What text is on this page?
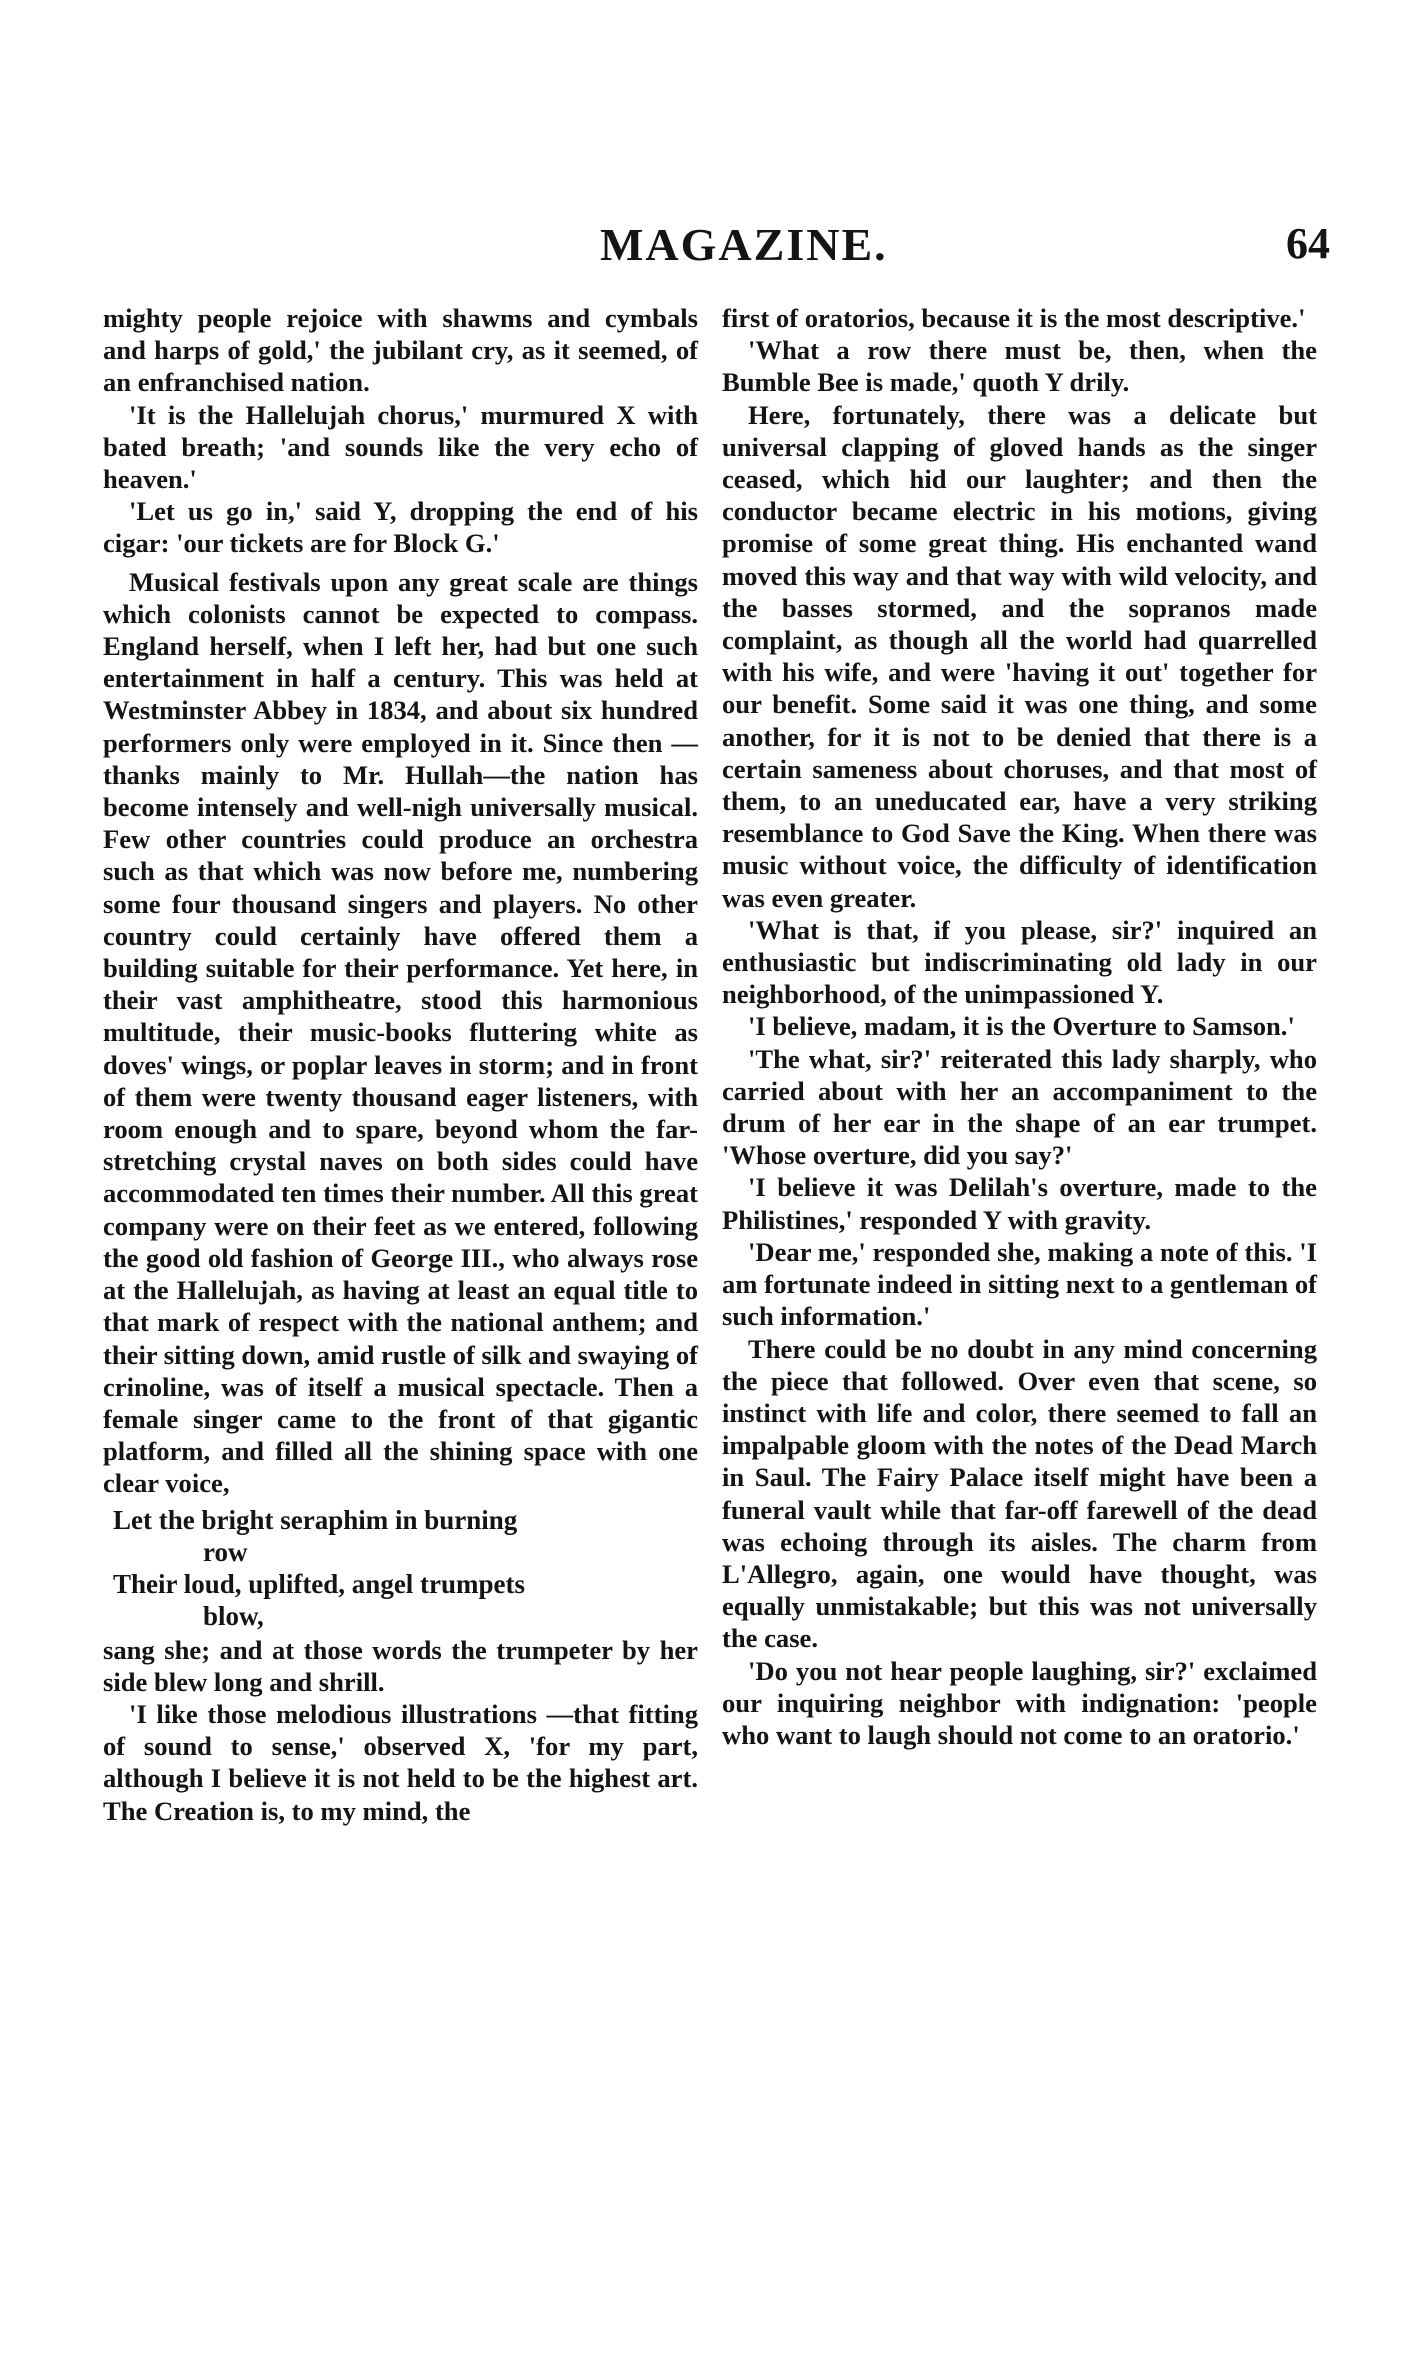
MAGAZINE.	64

mighty people rejoice with shawms and cymbals and harps of gold,' the jubilant cry, as it seemed, of an enfranchised nation.

'It is the Hallelujah chorus,' murmured X with bated breath; 'and sounds like the very echo of heaven.'

'Let us go in,' said Y, dropping the end of his cigar: 'our tickets are for Block G.'

Musical festivals upon any great scale are things which colonists cannot be expected to compass. England herself, when I left her, had but one such entertainment in half a century. This was held at Westminster Abbey in 1834, and about six hundred performers only were employed in it. Since then —thanks mainly to Mr. Hullah—the nation has become intensely and well-nigh universally musical. Few other countries could produce an orchestra such as that which was now before me, numbering some four thousand singers and players. No other country could certainly have offered them a building suitable for their performance. Yet here, in their vast amphitheatre, stood this harmonious multitude, their music-books fluttering white as doves' wings, or poplar leaves in storm; and in front of them were twenty thousand eager listeners, with room enough and to spare, beyond whom the far-stretching crystal naves on both sides could have accommodated ten times their number. All this great company were on their feet as we entered, following the good old fashion of George III., who always rose at the Hallelujah, as having at least an equal title to that mark of respect with the national anthem; and their sitting down, amid rustle of silk and swaying of crinoline, was of itself a musical spectacle. Then a female singer came to the front of that gigantic platform, and filled all the shining space with one clear voice,

Let the bright seraphim in burning
row
Their loud, uplifted, angel trumpets
blow,

sang she; and at those words the trumpeter by her side blew long and shrill.

'I like those melodious illustrations —that fitting of sound to sense,' observed X, 'for my part, although I believe it is not held to be the highest art. The Creation is, to my mind, the

first of oratorios, because it is the most descriptive.'

'What a row there must be, then, when the Bumble Bee is made,' quoth Y drily.

Here, fortunately, there was a delicate but universal clapping of gloved hands as the singer ceased, which hid our laughter; and then the conductor became electric in his motions, giving promise of some great thing. His enchanted wand moved this way and that way with wild velocity, and the basses stormed, and the sopranos made complaint, as though all the world had quarrelled with his wife, and were 'having it out' together for our benefit. Some said it was one thing, and some another, for it is not to be denied that there is a certain sameness about choruses, and that most of them, to an uneducated ear, have a very striking resemblance to God Save the King. When there was music without voice, the difficulty of identification was even greater.

'What is that, if you please, sir?' inquired an enthusiastic but indiscriminating old lady in our neighborhood, of the unimpassioned Y.

'I believe, madam, it is the Overture to Samson.'

'The what, sir?' reiterated this lady sharply, who carried about with her an accompaniment to the drum of her ear in the shape of an ear trumpet. 'Whose overture, did you say?'

'I believe it was Delilah's overture, made to the Philistines,' responded Y with gravity.

'Dear me,' responded she, making a note of this. 'I am fortunate indeed in sitting next to a gentleman of such information.'

There could be no doubt in any mind concerning the piece that followed. Over even that scene, so instinct with life and color, there seemed to fall an impalpable gloom with the notes of the Dead March in Saul. The Fairy Palace itself might have been a funeral vault while that far-off farewell of the dead was echoing through its aisles. The charm from L'Allegro, again, one would have thought, was equally unmistakable; but this was not universally the case.

'Do you not hear people laughing, sir?' exclaimed our inquiring neighbor with indignation: 'people who want to laugh should not come to an oratorio.'
